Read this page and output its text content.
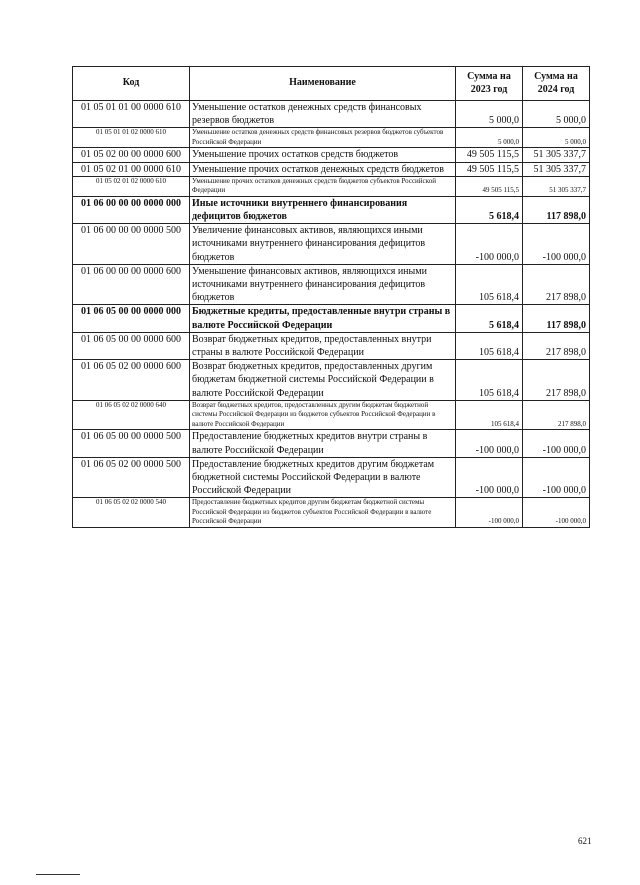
Код	Наименование	Сумма на 2023 год	Сумма на 2024 год
01 05 01 01 00 0000 610	Уменьшение остатков денежных средств финансовых резервов бюджетов	5 000,0	5 000,0
01 05 01 01 02 0000 610	Уменьшение остатков денежных средств финансовых резервов бюджетов субъектов Российской Федерации	5 000,0	5 000,0
01 05 02 00 00 0000 600	Уменьшение прочих остатков средств бюджетов	49 505 115,5	51 305 337,7
01 05 02 01 00 0000 610	Уменьшение прочих остатков денежных средств бюджетов	49 505 115,5	51 305 337,7
01 05 02 01 02 0000 610	Уменьшение прочих остатков денежных средств бюджетов субъектов Российской Федерации	49 505 115,5	51 305 337,7
01 06 00 00 00 0000 000	Иные источники внутреннего финансирования дефицитов бюджетов	5 618,4	117 898,0
01 06 00 00 00 0000 500	Увеличение финансовых активов, являющихся иными источниками внутреннего финансирования дефицитов бюджетов	-100 000,0	-100 000,0
01 06 00 00 00 0000 600	Уменьшение финансовых активов, являющихся иными источниками внутреннего финансирования дефицитов бюджетов	105 618,4	217 898,0
01 06 05 00 00 0000 000	Бюджетные кредиты, предоставленные внутри страны в валюте Российской Федерации	5 618,4	117 898,0
01 06 05 00 00 0000 600	Возврат бюджетных кредитов, предоставленных внутри страны в валюте Российской Федерации	105 618,4	217 898,0
01 06 05 02 00 0000 600	Возврат бюджетных кредитов, предоставленных другим бюджетам бюджетной системы Российской Федерации в валюте Российской Федерации	105 618,4	217 898,0
01 06 05 02 02 0000 640	Возврат бюджетных кредитов, предоставленных другим бюджетам бюджетной системы Российской Федерации из бюджетов субъектов Российской Федерации в валюте Российской Федерации	105 618,4	217 898,0
01 06 05 00 00 0000 500	Предоставление бюджетных кредитов внутри страны в валюте Российской Федерации	-100 000,0	-100 000,0
01 06 05 02 00 0000 500	Предоставление бюджетных кредитов другим бюджетам бюджетной системы Российской Федерации в валюте Российской Федерации	-100 000,0	-100 000,0
01 06 05 02 02 0000 540	Предоставление бюджетных кредитов другим бюджетам бюджетной системы Российской Федерации из бюджетов субъектов Российской Федерации в валюте Российской Федерации	-100 000,0	-100 000,0
621
